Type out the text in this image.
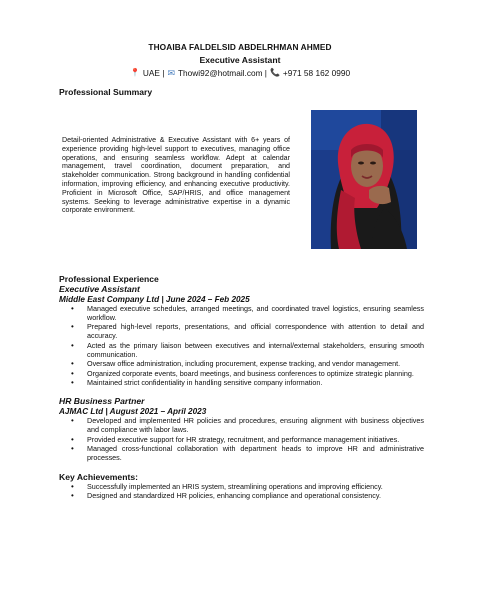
THOAIBA FALDELSID ABDELRHMAN AHMED
Executive Assistant
📍 UAE | ✉ Thowi92@hotmail.com | 📞 +971 58 162 0990
Professional Summary
Detail-oriented Administrative & Executive Assistant with 6+ years of experience providing high-level support to executives, managing office operations, and ensuring seamless workflow. Adept at calendar management, travel coordination, document preparation, and stakeholder communication. Strong background in handling confidential information, improving efficiency, and enhancing executive productivity. Proficient in Microsoft Office, SAP/HRIS, and office management systems. Seeking to leverage administrative expertise in a dynamic corporate environment.
Professional Experience
Executive Assistant
Middle East Company Ltd | June 2024 – Feb 2025
• Managed executive schedules, arranged meetings, and coordinated travel logistics, ensuring seamless workflow.
• Prepared high-level reports, presentations, and official correspondence with attention to detail and accuracy.
• Acted as the primary liaison between executives and internal/external stakeholders, ensuring smooth communication.
• Oversaw office administration, including procurement, expense tracking, and vendor management.
• Organized corporate events, board meetings, and business conferences to optimize strategic planning.
• Maintained strict confidentiality in handling sensitive company information.
HR Business Partner
AJMAC Ltd | August 2021 – April 2023
• Developed and implemented HR policies and procedures, ensuring alignment with business objectives and compliance with labor laws.
• Provided executive support for HR strategy, recruitment, and performance management initiatives.
• Managed cross-functional collaboration with department heads to improve HR and administrative processes.
Key Achievements:
• Successfully implemented an HRIS system, streamlining operations and improving efficiency.
• Designed and standardized HR policies, enhancing compliance and operational consistency.
